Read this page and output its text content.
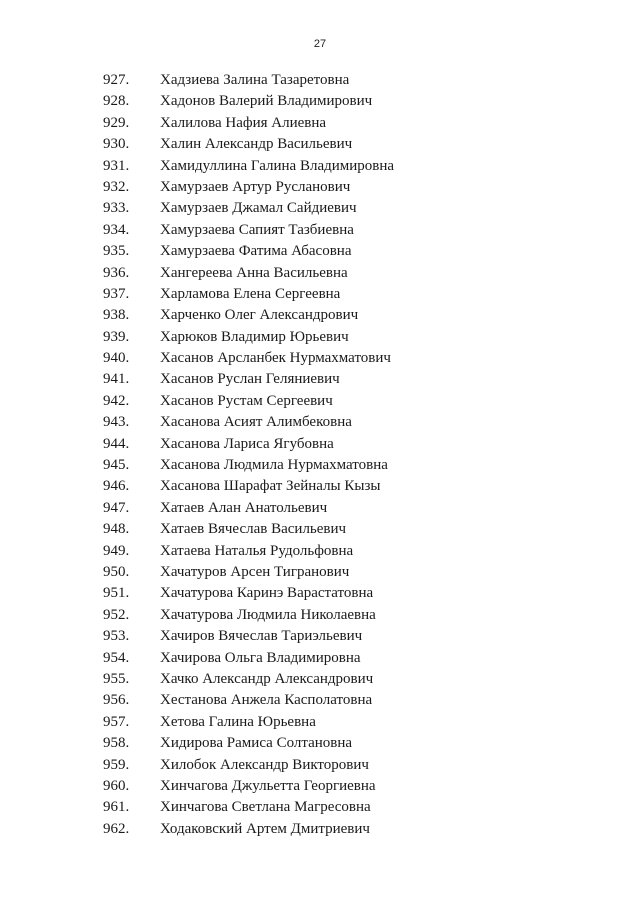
27
927. Хадзиева Залина Тазаретовна
928. Хадонов Валерий Владимирович
929. Халилова Нафия Алиевна
930. Халин Александр Васильевич
931. Хамидуллина Галина Владимировна
932. Хамурзаев Артур Русланович
933. Хамурзаев Джамал Сайдиевич
934. Хамурзаева Сапият Тазбиевна
935. Хамурзаева Фатима Абасовна
936. Хангереева Анна Васильевна
937. Харламова Елена Сергеевна
938. Харченко Олег Александрович
939. Харюков Владимир Юрьевич
940. Хасанов Арсланбек Нурмахматович
941. Хасанов Руслан Геляниевич
942. Хасанов Рустам Сергеевич
943. Хасанова Асият Алимбековна
944. Хасанова Лариса Ягубовна
945. Хасанова Людмила Нурмахматовна
946. Хасанова Шарафат Зейналы Кызы
947. Хатаев Алан Анатольевич
948. Хатаев Вячеслав Васильевич
949. Хатаева Наталья Рудольфовна
950. Хачатуров Арсен Тигранович
951. Хачатурова Каринэ Варастатовна
952. Хачатурова Людмила Николаевна
953. Хачиров Вячеслав Тариэльевич
954. Хачирова Ольга Владимировна
955. Хачко Александр Александрович
956. Хестанова Анжела Касполатовна
957. Хетова Галина Юрьевна
958. Хидирова Рамиса Солтановна
959. Хилобок Александр Викторович
960. Хинчагова Джульетта Георгиевна
961. Хинчагова Светлана Магресовна
962. Ходаковский Артем Дмитриевич
